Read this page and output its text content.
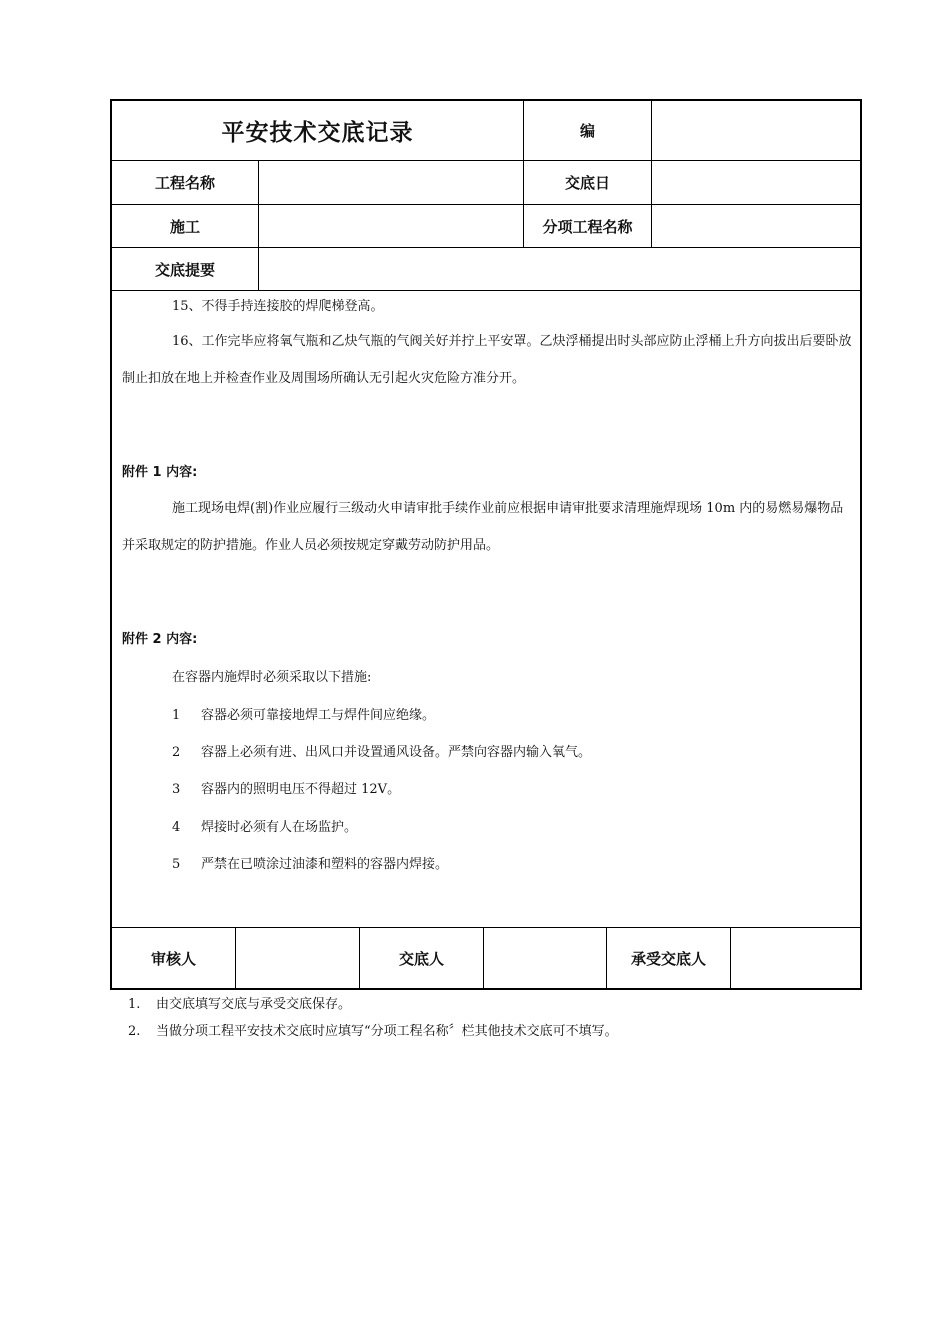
平安技术交底记录	编
工程名称	交底日
施工	分项工程名称
交底提要
15、不得手持连接胶的焊爬梯登高。
16、工作完毕应将氧气瓶和乙炔气瓶的气阀关好并拧上平安罩。乙炔浮桶提出时头部应防止浮桶上升方向拔出后要卧放制止扣放在地上并检查作业及周围场所确认无引起火灾危险方准分开。
附件 1 内容:
施工现场电焊(割)作业应履行三级动火申请审批手续作业前应根据申请审批要求清理施焊现场 10m 内的易燃易爆物品并采取规定的防护措施。作业人员必须按规定穿戴劳动防护用品。
附件 2 内容:
在容器内施焊时必须采取以下措施:
1 容器必须可靠接地焊工与焊件间应绝缘。
2 容器上必须有进、出风口并设置通风设备。严禁向容器内输入氧气。
3 容器内的照明电压不得超过 12V。
4 焊接时必须有人在场监护。
5 严禁在已喷涂过油漆和塑料的容器内焊接。
审核人	交底人	承受交底人
1. 由交底填写交底与承受交底保存。
2. 当做分项工程平安技术交底时应填写“分项工程名称〞栏其他技术交底可不填写。
